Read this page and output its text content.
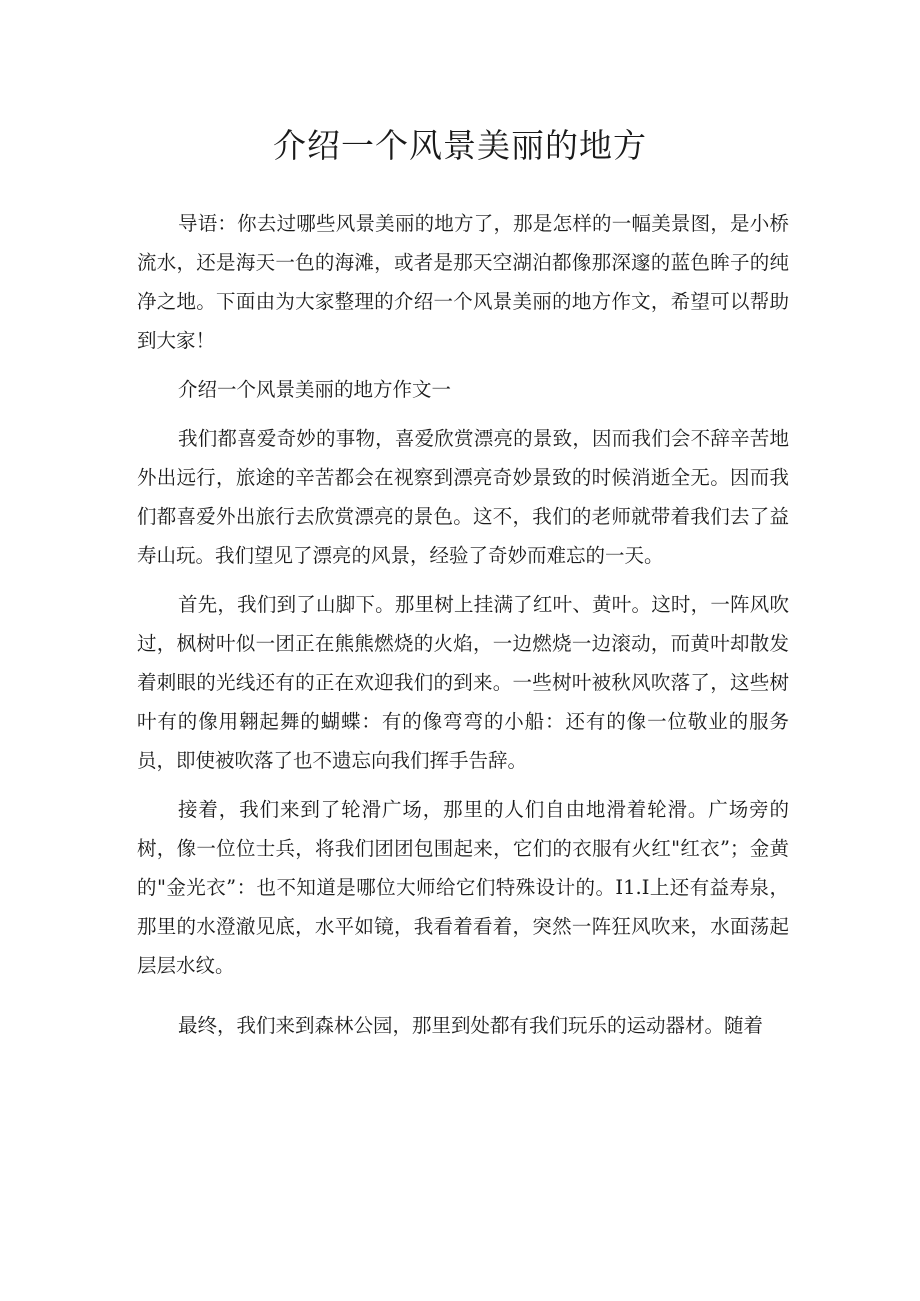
介绍一个风景美丽的地方

导语：你去过哪些风景美丽的地方了，那是怎样的一幅美景图，是小桥流水，还是海天一色的海滩，或者是那天空湖泊都像那深邃的蓝色眸子的纯净之地。下面由为大家整理的介绍一个风景美丽的地方作文，希望可以帮助到大家！

介绍一个风景美丽的地方作文一

我们都喜爱奇妙的事物，喜爱欣赏漂亮的景致，因而我们会不辞辛苦地外出远行，旅途的辛苦都会在视察到漂亮奇妙景致的时候消逝全无。因而我们都喜爱外出旅行去欣赏漂亮的景色。这不，我们的老师就带着我们去了益寿山玩。我们望见了漂亮的风景，经验了奇妙而难忘的一天。

首先，我们到了山脚下。那里树上挂满了红叶、黄叶。这时，一阵风吹过，枫树叶似一团正在熊熊燃烧的火焰，一边燃烧一边滚动，而黄叶却散发着刺眼的光线还有的正在欢迎我们的到来。一些树叶被秋风吹落了，这些树叶有的像用翱起舞的蝴蝶：有的像弯弯的小船：还有的像一位敬业的服务员，即使被吹落了也不遗忘向我们挥手告辞。

接着，我们来到了轮滑广场，那里的人们自由地滑着轮滑。广场旁的树，像一位位士兵，将我们团团包围起来，它们的衣服有火红"红衣”；金黄的"金光衣”：也不知道是哪位大师给它们特殊设计的。I1.I上还有益寿泉，那里的水澄澈见底，水平如镜，我看着看着，突然一阵狂风吹来，水面荡起层层水纹。

最终，我们来到森林公园，那里到处都有我们玩乐的运动器材。随着
